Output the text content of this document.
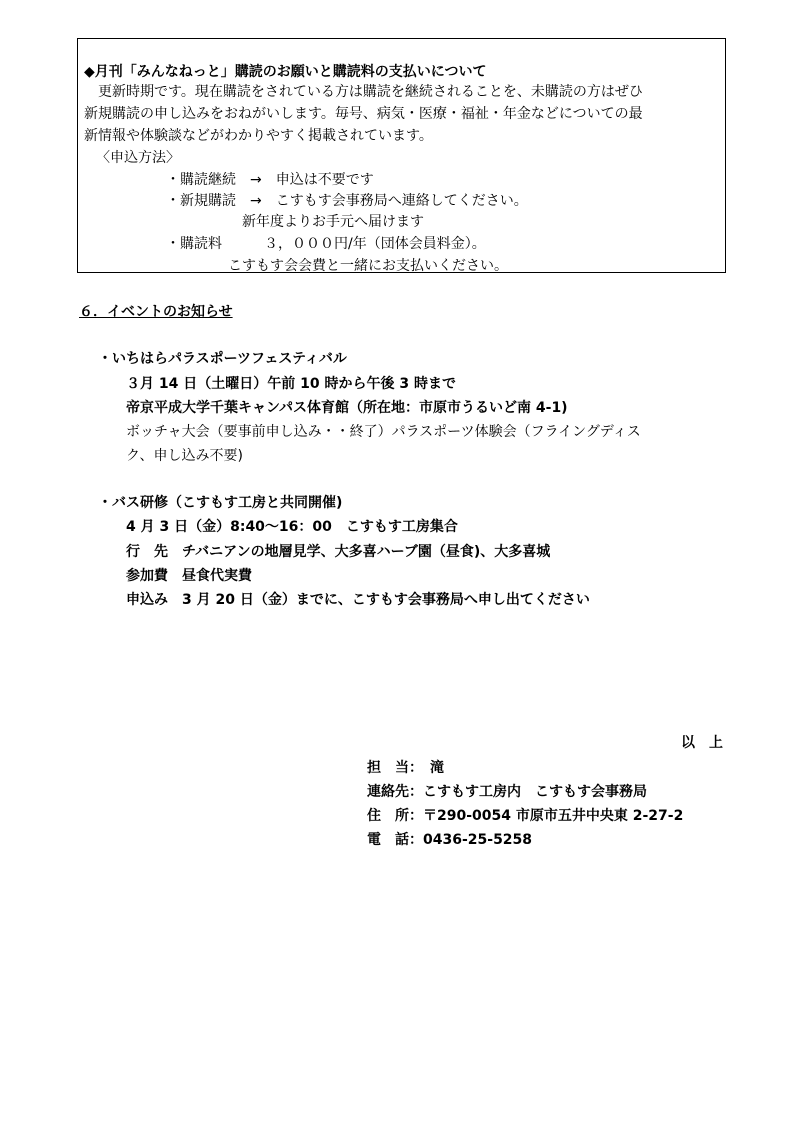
◆月刊「みんなねっと」購読のお願いと購読料の支払いについて
　更新時期です。現在購読をされている方は購読を継続されることを、未購読の方はぜひ
新規購読の申し込みをおねがいします。毎号、病気・医療・福祉・年金などについての最
新情報や体験談などがわかりやすく掲載されています。
〈申込方法〉
・購読継続　→　申込は不要です
・新規購読　→　こすもす会事務局へ連絡してください。
新年度よりお手元へ届けます
・購読料　　　３，０００円/年（団体会員料金）。
こすもす会会費と一緒にお支払いください。
６．イベントのお知らせ
・いちはらパラスポーツフェスティバル
３月 14 日（土曜日）午前 10 時から午後 3 時まで
帝京平成大学千葉キャンパス体育館（所在地：市原市うるいど南 4-1)
ボッチャ大会（要事前申し込み・・終了）パラスポーツ体験会（フライングディス
ク、申し込み不要)
・バス研修（こすもす工房と共同開催)
4 月 3 日（金）8:40～16：00　こすもす工房集合
行　先　チバニアンの地層見学、大多喜ハーブ園（昼食)、大多喜城
参加費　昼食代実費
申込み　3 月 20 日（金）までに、こすもす会事務局へ申し出てください
以　上
担　当：　滝
連絡先：こすもす工房内　こすもす会事務局
住　所：〒290-0054 市原市五井中央東 2-27-2
電　話：0436-25-5258
